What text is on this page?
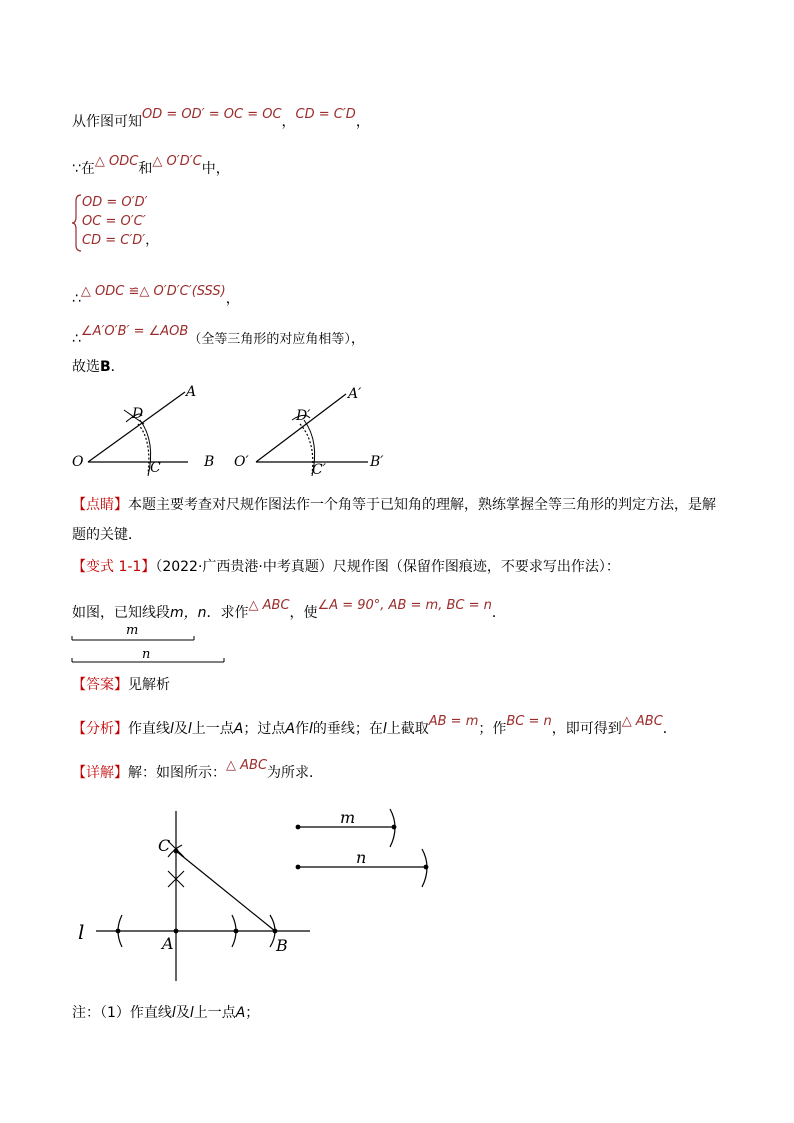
从作图可知OD = OD′ = OC = OC，CD = C′D，
∵在△ ODC和△ O′D′C中，
OD = O′D′
OC = O′C′
CD = C′D′，
∴△ ODC ≌△ O′D′C′(SSS)，
∴∠A′O′B′ = ∠AOB（全等三角形的对应角相等），
故选B．
A
D
O	C	B
A′
D′
O′	C′	B′
【点睛】本题主要考查对尺规作图法作一个角等于已知角的理解，熟练掌握全等三角形的判定方法，是解
题的关键．
【变式 1-1】（2022·广西贵港·中考真题）尺规作图（保留作图痕迹，不要求写出作法）：
如图，已知线段m，n．求作△ ABC，使∠A = 90°, AB = m, BC = n．
m
n
【答案】见解析
【分析】作直线l及l上一点A；过点A作l的垂线；在l上截取AB = m；作BC = n，即可得到△ ABC．
【详解】解：如图所示：△ ABC为所求．
C
A	B
l
m
n
注：（1）作直线l及l上一点A；
